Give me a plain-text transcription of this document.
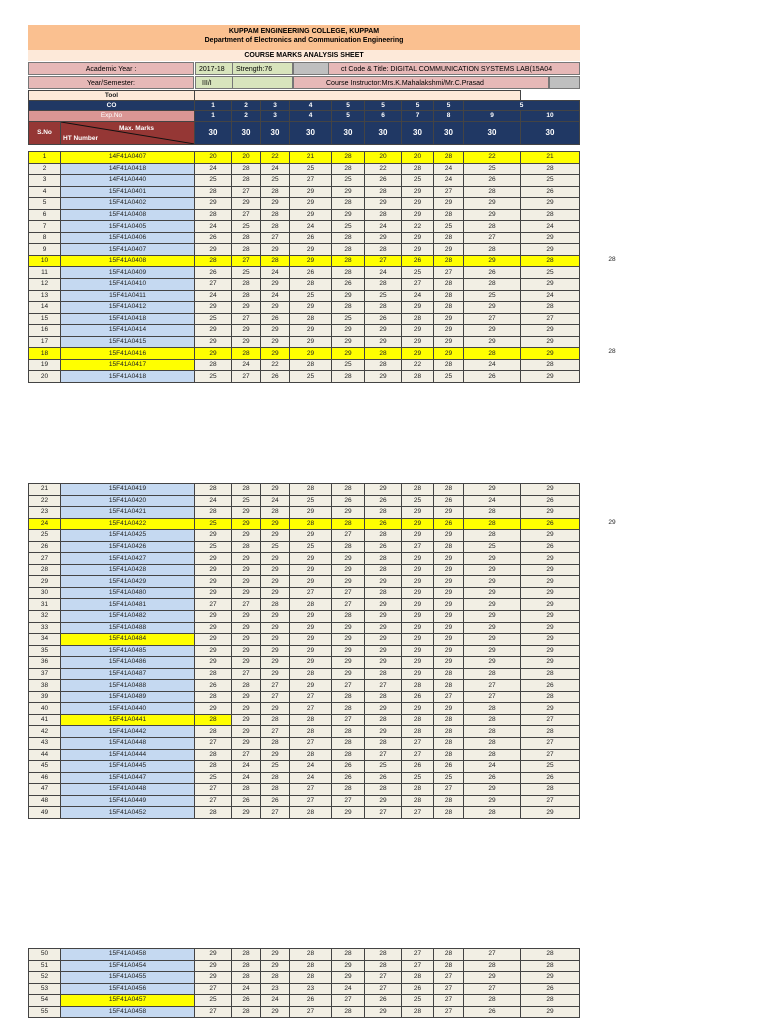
KUPPAM ENGINEERING COLLEGE, KUPPAM
Department of Electronics and Communication Engineering
COURSE MARKS ANALYSIS SHEET
Academic Year :	2017-18	Strength:76	ct Code & Title: DIGITAL COMMUNICATION SYSTEMS LAB(15A04
Year/Semester:	III/I	Course Instructor:Mrs.K.Mahalakshmi/Mr.C.Prasad
Tool											
CO		1	2	3	4	5	5	5	5	5	
Exp.No		1	2	3	4	5	6	7	8	9	10
S.No	Max. Marks
HT Number	30	30	30	30	30	30	30	30	30	30
1	14F41A0407	20	20	22	21	28	20	20	28	22	21
2	14F41A0418	24	28	24	25	28	22	28	24	25	28
3	14F41A0440	25	28	25	27	25	26	25	24	26	25
4	15F41A0401	28	27	28	29	29	28	29	27	28	26
5	15F41A0402	29	29	29	29	28	29	29	29	29	29
6	15F41A0408	28	27	28	29	29	28	29	28	29	28
7	15F41A0405	24	25	28	24	25	24	22	25	28	24
8	15F41A0406	26	28	27	26	28	29	29	28	27	29
9	15F41A0407	29	28	29	29	28	28	29	29	28	29
10	15F41A0408	28	27	28	29	28	27	26	28	29	28
11	15F41A0409	26	25	24	26	28	24	25	27	26	25
12	15F41A0410	27	28	29	28	26	28	27	28	28	29
13	15F41A0411	24	28	24	25	29	25	24	28	25	24
14	15F41A0412	29	29	29	29	28	28	29	28	29	28
15	15F41A0418	25	27	26	28	25	26	28	29	27	27
16	15F41A0414	29	29	29	29	29	29	29	29	29	29
17	15F41A0415	29	29	29	29	29	29	29	29	29	29
18	15F41A0416	29	28	29	29	29	28	29	29	28	29
19	15F41A0417	28	24	22	28	25	28	22	28	24	28
20	15F41A0418	25	27	26	25	28	29	28	25	26	29
21	15F41A0419	28	28	29	28	28	29	28	28	29	29
22	15F41A0420	24	25	24	25	26	26	25	26	24	26
23	15F41A0421	28	29	28	29	29	28	29	29	28	29
24	15F41A0422	25	29	29	28	28	26	29	26	28	26
25	15F41A0425	29	29	29	29	27	28	29	29	28	29
26	15F41A0426	25	28	25	25	28	26	27	28	25	26
27	15F41A0427	29	29	29	29	29	28	29	29	29	29
28	15F41A0428	29	29	29	29	29	28	29	29	29	29
29	15F41A0429	29	29	29	29	29	29	29	29	29	29
30	15F41A0480	29	29	29	27	27	28	29	29	29	29
31	15F41A0481	27	27	28	28	27	29	29	29	29	29
32	15F41A0482	29	29	29	29	28	29	29	29	29	29
33	15F41A0488	29	29	29	29	29	29	29	29	29	29
34	15F41A0484	29	29	29	29	29	29	29	29	29	29
35	15F41A0485	29	29	29	29	29	29	29	29	29	29
36	15F41A0486	29	29	29	29	29	29	29	29	29	29
37	15F41A0487	28	27	29	28	29	28	29	28	28	28
38	15F41A0488	26	28	27	29	27	27	28	28	27	26
39	15F41A0489	28	29	27	27	28	28	26	27	27	28
40	15F41A0440	29	29	29	27	28	29	29	29	28	29
41	15F41A0441	28	29	28	28	27	28	28	28	28	27
42	15F41A0442	28	29	27	28	28	29	28	28	28	28
43	15F41A0448	27	29	28	27	28	28	27	28	28	27
44	15F41A0444	28	27	29	28	28	27	27	28	28	27
45	15F41A0445	28	24	25	24	26	25	26	26	24	25
46	15F41A0447	25	24	28	24	26	26	25	25	26	26
47	15F41A0448	27	28	28	27	28	28	28	27	29	28
48	15F41A0449	27	26	26	27	27	29	28	28	29	27
49	15F41A0452	28	29	27	28	29	27	27	28	28	29
50	15F41A0458	29	28	29	28	28	28	27	28	27	28
51	15F41A0454	29	28	29	28	29	28	27	28	28	28
52	15F41A0455	29	28	28	28	29	27	28	27	29	29
53	15F41A0456	27	24	23	23	24	27	26	27	27	26
54	15F41A0457	25	26	24	26	27	26	25	27	28	28
55	15F41A0458	27	28	29	27	28	29	28	27	26	29
28
28
29
